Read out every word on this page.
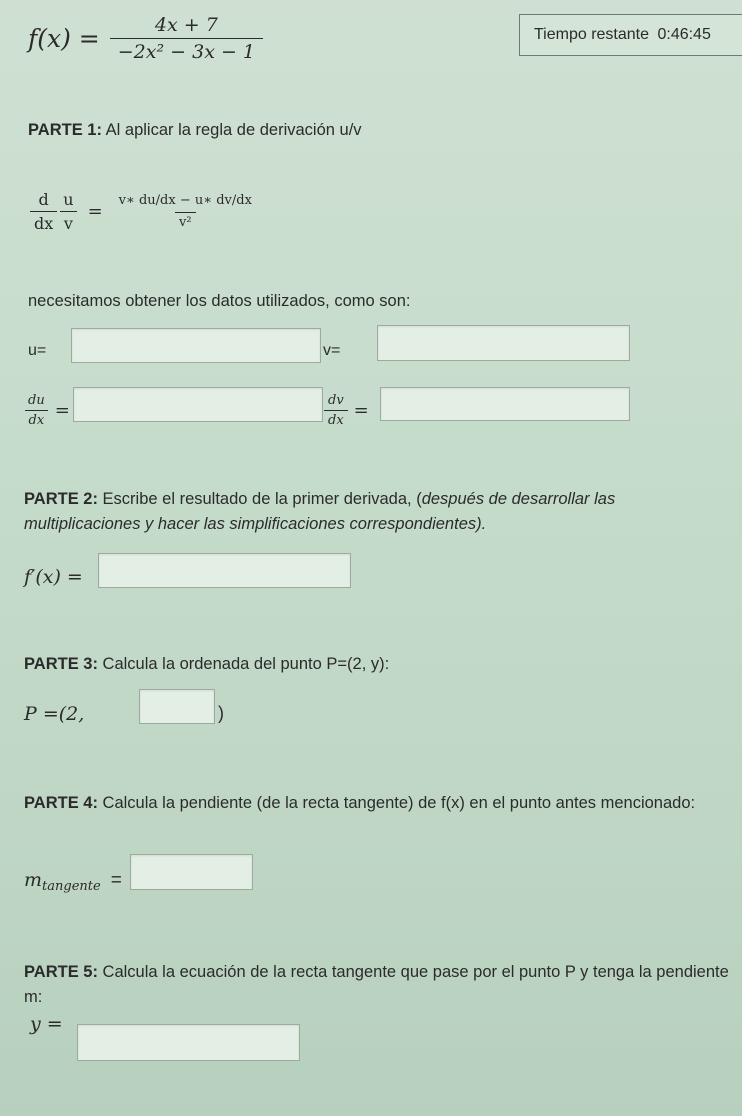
$f(x) = \frac{4x + 7}{\text{−2x² − 3x − 1}}$	Tiempo restante 0:46:45
PARTE 1: Al aplicar la regla de derivación u/v
$\frac{d}{dx} \frac{u}{v} = \frac{v∗ du/dx - u∗ dv/dx}{\text{v²}}$
necesitamos obtener los datos utilizados, como son:
u=	v=
$\frac{du}{dx}$ =	$\frac{dv}{dx}$ =
PARTE 2: Escribe el resultado de la primer derivada, (después de desarrollar las multiplicaciones y hacer las simplificaciones correspondientes).
f′(x) =
PARTE 3: Calcula la ordenada del punto P=(2, y):
P =(2,	)
PARTE 4: Calcula la pendiente (de la recta tangente) de f(x) en el punto antes mencionado:
m tangente =
PARTE 5: Calcula la ecuación de la recta tangente que pase por el punto P y tenga la pendiente m:
y =
